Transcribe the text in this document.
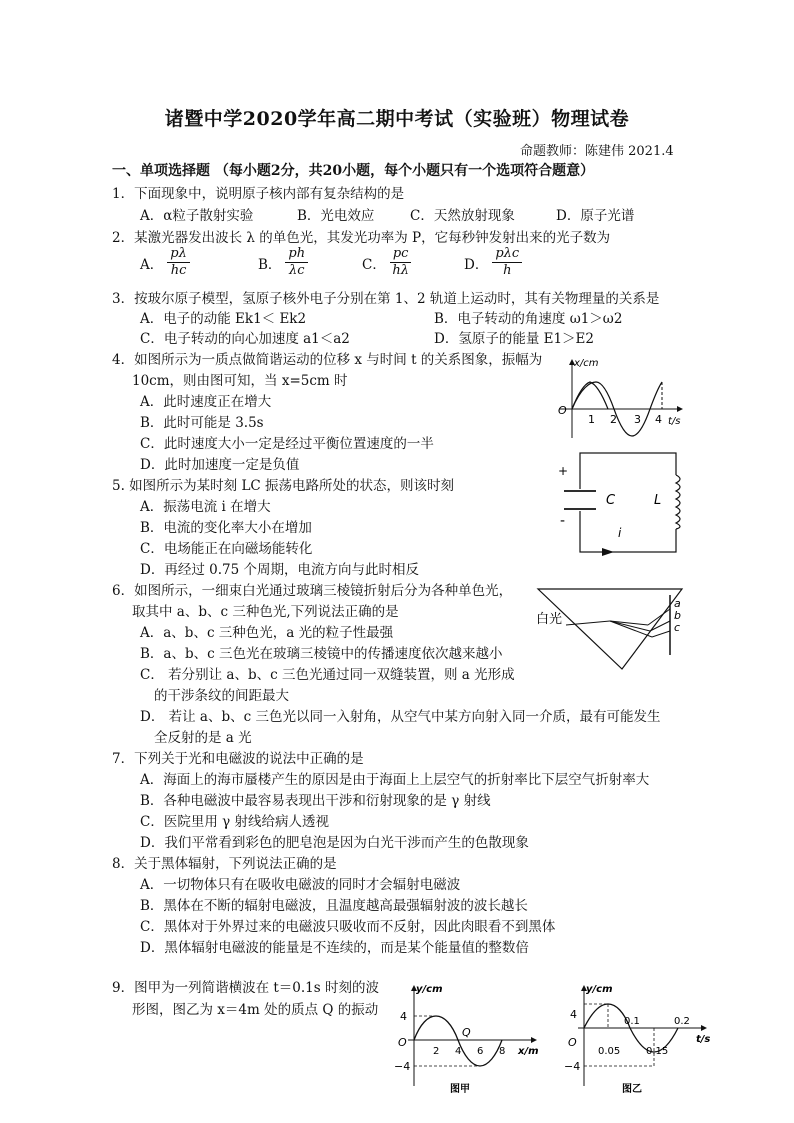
诸暨中学2020学年高二期中考试（实验班）物理试卷
命题教师：陈建伟 2021.4
一、单项选择题 （每小题2分，共20小题，每个小题只有一个选项符合题意）
1．下面现象中，说明原子核内部有复杂结构的是
A．α粒子散射实验	B．光电效应	C．天然放射现象	D．原子光谱
2．某激光器发出波长 λ 的单色光，其发光功率为 P，它每秒钟发射出来的光子数为
A． $\frac{p\lambda}{hc}$	B． $\frac{ph}{\lambda c}$	C． $\frac{pc}{h\lambda}$	D． $\frac{\text{pλc}}{h}$
3．按玻尔原子模型，氢原子核外电子分别在第 1、2 轨道上运动时，其有关物理量的关系是
A．电子的动能 Ek1＜ Ek2	B．电子转动的角速度 ω1＞ω2
C．电子转动的向心加速度 a1＜a2	D．氢原子的能量 E1＞E2
4．如图所示为一质点做简谐运动的位移 x 与时间 t 的关系图象，振幅为
10cm，则由图可知，当 x=5cm 时
A．此时速度正在增大
B．此时可能是 3.5s
C．此时速度大小一定是经过平衡位置速度的一半
D．此时加速度一定是负值
x/cm
t/s
O
1 2 3 4
5. 如图所示为某时刻 LC 振荡电路所处的状态，则该时刻
A．振荡电流 i 在增大
B．电流的变化率大小在增加
C．电场能正在向磁场能转化
D．再经过 0.75 个周期，电流方向与此时相反
+
-
C	L
i
6．如图所示，一细束白光通过玻璃三棱镜折射后分为各种单色光，
取其中 a、b、c 三种色光,下列说法正确的是
A．a、b、c 三种色光，a 光的粒子性最强
B．a、b、c 三色光在玻璃三棱镜中的传播速度依次越来越小
C． 若分别让 a、b、c 三色光通过同一双缝装置，则 a 光形成
的干涉条纹的间距最大
D． 若让 a、b、c 三色光以同一入射角，从空气中某方向射入同一介质，最有可能发生
全反射的是 a 光
白光
a
b
c
7．下列关于光和电磁波的说法中正确的是
A．海面上的海市蜃楼产生的原因是由于海面上上层空气的折射率比下层空气折射率大
B．各种电磁波中最容易表现出干涉和衍射现象的是 γ 射线
C．医院里用 γ 射线给病人透视
D．我们平常看到彩色的肥皂泡是因为白光干涉而产生的色散现象
8．关于黑体辐射，下列说法正确的是
A．一切物体只有在吸收电磁波的同时才会辐射电磁波
B．黑体在不断的辐射电磁波，且温度越高最强辐射波的波长越长
C．黑体对于外界过来的电磁波只吸收而不反射，因此肉眼看不到黑体
D．黑体辐射电磁波的能量是不连续的，而是某个能量值的整数倍
9．图甲为一列简谐横波在 t＝0.1s 时刻的波
形图，图乙为 x＝4m 处的质点 Q 的振动
y/cm
x/m
O
4
−4
2 4 6 8
Q
图甲
y/cm
t/s
O
4
−4
0.05
0.1
0.15
0.2
图乙
